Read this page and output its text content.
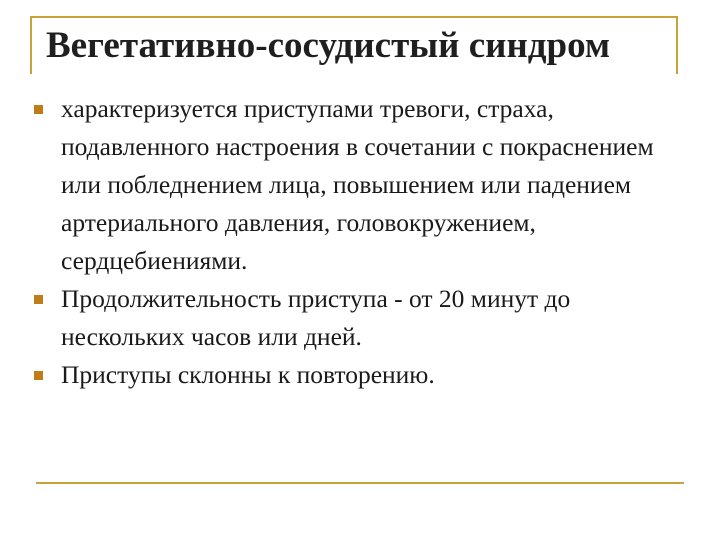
Вегетативно-сосудистый синдром
характеризуется приступами тревоги, страха, подавленного настроения в сочетании с покраснением или побледнением лица, повышением или падением артериального давления, головокружением, сердцебиениями.
Продолжительность приступа - от 20 минут до нескольких часов или дней.
Приступы склонны к повторению.
